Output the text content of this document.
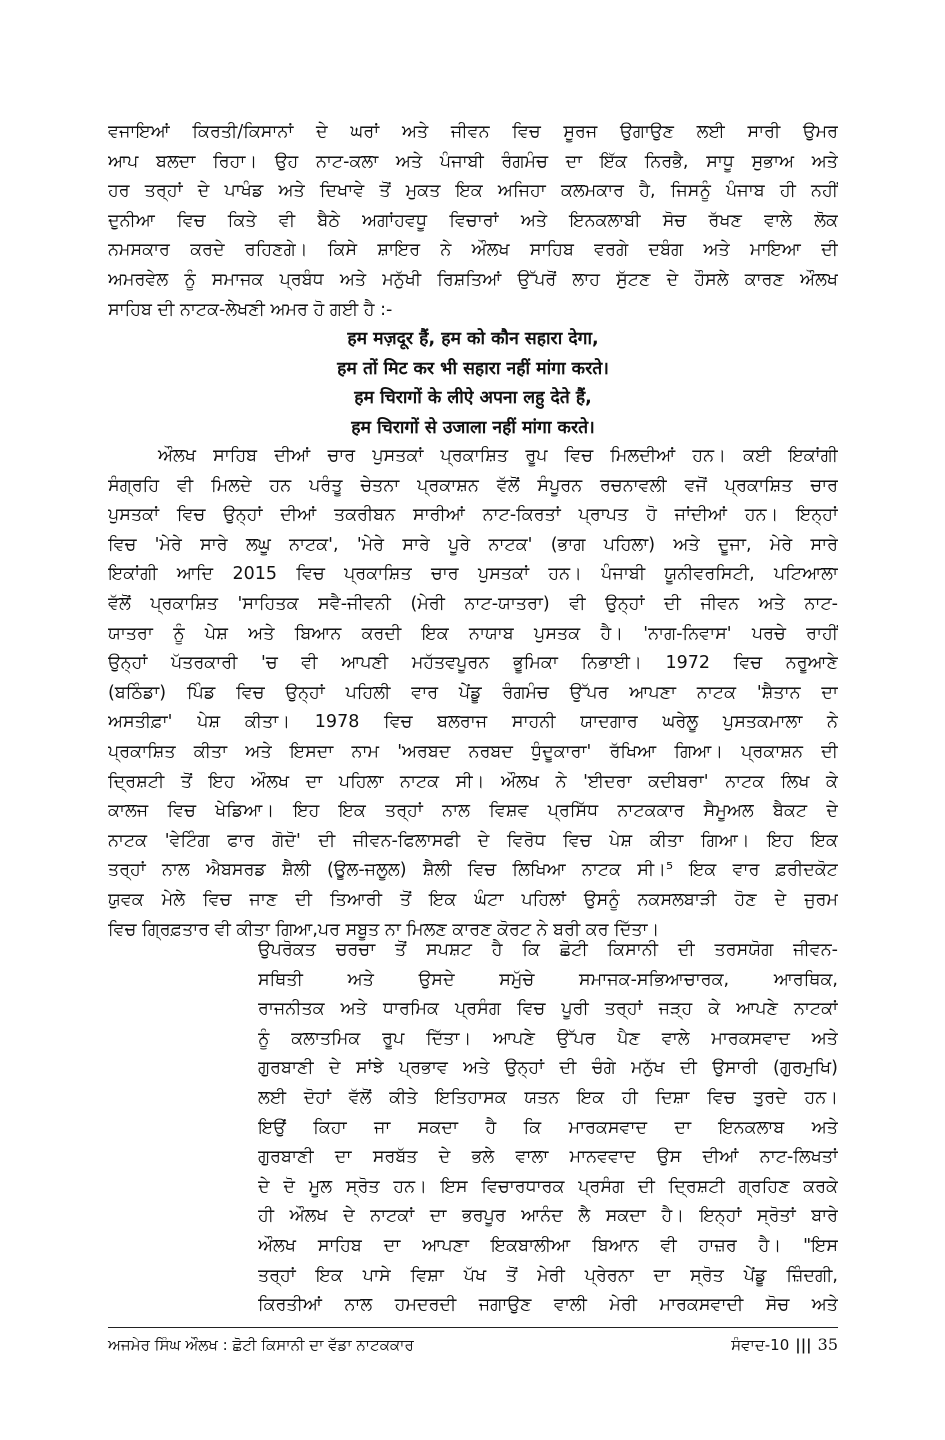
ਵਜਾਇਆਂ ਕਿਰਤੀ/ਕਿਸਾਨਾਂ ਦੇ ਘਰਾਂ ਅਤੇ ਜੀਵਨ ਵਿਚ ਸੂਰਜ ਉਗਾਉਣ ਲਈ ਸਾਰੀ ਉਮਰ
ਆਪ ਬਲਦਾ ਰਿਹਾ। ਉਹ ਨਾਟ-ਕਲਾ ਅਤੇ ਪੰਜਾਬੀ ਰੰਗਮੰਚ ਦਾ ਇੱਕ ਨਿਰਭੈ, ਸਾਧੂ ਸੁਭਾਅ ਅਤੇ
ਹਰ ਤਰ੍ਹਾਂ ਦੇ ਪਾਖੰਡ ਅਤੇ ਦਿਖਾਵੇ ਤੋਂ ਮੁਕਤ ਇਕ ਅਜਿਹਾ ਕਲਮਕਾਰ ਹੈ, ਜਿਸਨੂੰ ਪੰਜਾਬ ਹੀ ਨਹੀਂ
ਦੁਨੀਆ ਵਿਚ ਕਿਤੇ ਵੀ ਬੈਠੇ ਅਗਾਂਹਵਧੂ ਵਿਚਾਰਾਂ ਅਤੇ ਇਨਕਲਾਬੀ ਸੋਚ ਰੱਖਣ ਵਾਲੇ ਲੋਕ
ਨਮਸਕਾਰ ਕਰਦੇ ਰਹਿਣਗੇ। ਕਿਸੇ ਸ਼ਾਇਰ ਨੇ ਔਲਖ ਸਾਹਿਬ ਵਰਗੇ ਦਬੰਗ ਅਤੇ ਮਾਇਆ ਦੀ
ਅਮਰਵੇਲ ਨੂੰ ਸਮਾਜਕ ਪ੍ਰਬੰਧ ਅਤੇ ਮਨੁੱਖੀ ਰਿਸ਼ਤਿਆਂ ਉੱਪਰੋਂ ਲਾਹ ਸੁੱਟਣ ਦੇ ਹੌਸਲੇ ਕਾਰਣ ਔਲਖ
ਸਾਹਿਬ ਦੀ ਨਾਟਕ-ਲੇਖਣੀ ਅਮਰ ਹੋ ਗਈ ਹੈ :-
हम मज़दूर हैं, हम को कौन सहारा देगा,
हम तों मिट कर भी सहारा नहीं मांगा करते।
हम चिरागों के लीऐ अपना लहु देते हैं,
हम चिरागों से उजाला नहीं मांगा करते।
ਔਲਖ ਸਾਹਿਬ ਦੀਆਂ ਚਾਰ ਪੁਸਤਕਾਂ ਪ੍ਰਕਾਸ਼ਿਤ ਰੂਪ ਵਿਚ ਮਿਲਦੀਆਂ ਹਨ। ਕਈ ਇਕਾਂਗੀ
ਸੰਗ੍ਰਹਿ ਵੀ ਮਿਲਦੇ ਹਨ ਪਰੰਤੂ ਚੇਤਨਾ ਪ੍ਰਕਾਸ਼ਨ ਵੱਲੋਂ ਸੰਪੂਰਨ ਰਚਨਾਵਲੀ ਵਜੋਂ ਪ੍ਰਕਾਸ਼ਿਤ ਚਾਰ
ਪੁਸਤਕਾਂ ਵਿਚ ਉਨ੍ਹਾਂ ਦੀਆਂ ਤਕਰੀਬਨ ਸਾਰੀਆਂ ਨਾਟ-ਕਿਰਤਾਂ ਪ੍ਰਾਪਤ ਹੋ ਜਾਂਦੀਆਂ ਹਨ। ਇਨ੍ਹਾਂ
ਵਿਚ 'ਮੇਰੇ ਸਾਰੇ ਲਘੂ ਨਾਟਕ', 'ਮੇਰੇ ਸਾਰੇ ਪੂਰੇ ਨਾਟਕ' (ਭਾਗ ਪਹਿਲਾ) ਅਤੇ ਦੂਜਾ, ਮੇਰੇ ਸਾਰੇ
ਇਕਾਂਗੀ ਆਦਿ 2015 ਵਿਚ ਪ੍ਰਕਾਸ਼ਿਤ ਚਾਰ ਪੁਸਤਕਾਂ ਹਨ। ਪੰਜਾਬੀ ਯੂਨੀਵਰਸਿਟੀ, ਪਟਿਆਲਾ
ਵੱਲੋਂ ਪ੍ਰਕਾਸ਼ਿਤ 'ਸਾਹਿਤਕ ਸਵੈ-ਜੀਵਨੀ (ਮੇਰੀ ਨਾਟ-ਯਾਤਰਾ) ਵੀ ਉਨ੍ਹਾਂ ਦੀ ਜੀਵਨ ਅਤੇ ਨਾਟ-
ਯਾਤਰਾ ਨੂੰ ਪੇਸ਼ ਅਤੇ ਬਿਆਨ ਕਰਦੀ ਇਕ ਨਾਯਾਬ ਪੁਸਤਕ ਹੈ। 'ਨਾਗ-ਨਿਵਾਸ' ਪਰਚੇ ਰਾਹੀਂ
ਉਨ੍ਹਾਂ ਪੱਤਰਕਾਰੀ 'ਚ ਵੀ ਆਪਣੀ ਮਹੱਤਵਪੂਰਨ ਭੂਮਿਕਾ ਨਿਭਾਈ। 1972 ਵਿਚ ਨਰੂਆਣੇ
(ਬਠਿੰਡਾ) ਪਿੰਡ ਵਿਚ ਉਨ੍ਹਾਂ ਪਹਿਲੀ ਵਾਰ ਪੇਂਡੂ ਰੰਗਮੰਚ ਉੱਪਰ ਆਪਣਾ ਨਾਟਕ 'ਸ਼ੈਤਾਨ ਦਾ
ਅਸਤੀਫ਼ਾ' ਪੇਸ਼ ਕੀਤਾ। 1978 ਵਿਚ ਬਲਰਾਜ ਸਾਹਨੀ ਯਾਦਗਾਰ ਘਰੇਲੂ ਪੁਸਤਕਮਾਲਾ ਨੇ
ਪ੍ਰਕਾਸ਼ਿਤ ਕੀਤਾ ਅਤੇ ਇਸਦਾ ਨਾਮ 'ਅਰਬਦ ਨਰਬਦ ਧੁੰਦੂਕਾਰਾ' ਰੱਖਿਆ ਗਿਆ। ਪ੍ਰਕਾਸ਼ਨ ਦੀ
ਦ੍ਰਿਸ਼ਟੀ ਤੋਂ ਇਹ ਔਲਖ ਦਾ ਪਹਿਲਾ ਨਾਟਕ ਸੀ। ਔਲਖ ਨੇ 'ਈਦਰਾ ਕਦੀਬਰਾ' ਨਾਟਕ ਲਿਖ ਕੇ
ਕਾਲਜ ਵਿਚ ਖੇਡਿਆ। ਇਹ ਇਕ ਤਰ੍ਹਾਂ ਨਾਲ ਵਿਸ਼ਵ ਪ੍ਰਸਿੱਧ ਨਾਟਕਕਾਰ ਸੈਮੂਅਲ ਬੈਕਟ ਦੇ
ਨਾਟਕ 'ਵੇਟਿੰਗ ਫਾਰ ਗੋਦੋ' ਦੀ ਜੀਵਨ-ਫਿਲਾਸਫੀ ਦੇ ਵਿਰੋਧ ਵਿਚ ਪੇਸ਼ ਕੀਤਾ ਗਿਆ। ਇਹ ਇਕ
ਤਰ੍ਹਾਂ ਨਾਲ ਐਬਸਰਡ ਸ਼ੈਲੀ (ਊਲ-ਜਲੂਲ) ਸ਼ੈਲੀ ਵਿਚ ਲਿਖਿਆ ਨਾਟਕ ਸੀ।⁵ ਇਕ ਵਾਰ ਫ਼ਰੀਦਕੋਟ
ਯੁਵਕ ਮੇਲੇ ਵਿਚ ਜਾਣ ਦੀ ਤਿਆਰੀ ਤੋਂ ਇਕ ਘੰਟਾ ਪਹਿਲਾਂ ਉਸਨੂੰ ਨਕਸਲਬਾੜੀ ਹੋਣ ਦੇ ਜੁਰਮ
ਵਿਚ ਗ੍ਰਿਫ਼ਤਾਰ ਵੀ ਕੀਤਾ ਗਿਆ,ਪਰ ਸਬੂਤ ਨਾ ਮਿਲਣ ਕਾਰਣ ਕੋਰਟ ਨੇ ਬਰੀ ਕਰ ਦਿੱਤਾ।
ਉਪਰੋਕਤ ਚਰਚਾ ਤੋਂ ਸਪਸ਼ਟ ਹੈ ਕਿ ਛੋਟੀ ਕਿਸਾਨੀ ਦੀ ਤਰਸਯੋਗ ਜੀਵਨ-
ਸਥਿਤੀ ਅਤੇ ਉਸਦੇ ਸਮੁੱਚੇ ਸਮਾਜਕ-ਸਭਿਆਚਾਰਕ, ਆਰਥਿਕ,
ਰਾਜਨੀਤਕ ਅਤੇ ਧਾਰਮਿਕ ਪ੍ਰਸੰਗ ਵਿਚ ਪੂਰੀ ਤਰ੍ਹਾਂ ਜੜ੍ਹ ਕੇ ਆਪਣੇ ਨਾਟਕਾਂ
ਨੂੰ ਕਲਾਤਮਿਕ ਰੂਪ ਦਿੱਤਾ। ਆਪਣੇ ਉੱਪਰ ਪੈਣ ਵਾਲੇ ਮਾਰਕਸਵਾਦ ਅਤੇ
ਗੁਰਬਾਣੀ ਦੇ ਸਾਂਝੇ ਪ੍ਰਭਾਵ ਅਤੇ ਉਨ੍ਹਾਂ ਦੀ ਚੰਗੇ ਮਨੁੱਖ ਦੀ ਉਸਾਰੀ (ਗੁਰਮੁਖਿ)
ਲਈ ਦੋਹਾਂ ਵੱਲੋਂ ਕੀਤੇ ਇਤਿਹਾਸਕ ਯਤਨ ਇਕ ਹੀ ਦਿਸ਼ਾ ਵਿਚ ਤੁਰਦੇ ਹਨ।
ਇਉਂ ਕਿਹਾ ਜਾ ਸਕਦਾ ਹੈ ਕਿ ਮਾਰਕਸਵਾਦ ਦਾ ਇਨਕਲਾਬ ਅਤੇ
ਗੁਰਬਾਣੀ ਦਾ ਸਰਬੱਤ ਦੇ ਭਲੇ ਵਾਲਾ ਮਾਨਵਵਾਦ ਉਸ ਦੀਆਂ ਨਾਟ-ਲਿਖਤਾਂ
ਦੇ ਦੋ ਮੂਲ ਸ੍ਰੋਤ ਹਨ। ਇਸ ਵਿਚਾਰਧਾਰਕ ਪ੍ਰਸੰਗ ਦੀ ਦ੍ਰਿਸ਼ਟੀ ਗ੍ਰਹਿਣ ਕਰਕੇ
ਹੀ ਔਲਖ ਦੇ ਨਾਟਕਾਂ ਦਾ ਭਰਪੂਰ ਆਨੰਦ ਲੈ ਸਕਦਾ ਹੈ। ਇਨ੍ਹਾਂ ਸ੍ਰੋਤਾਂ ਬਾਰੇ
ਔਲਖ ਸਾਹਿਬ ਦਾ ਆਪਣਾ ਇਕਬਾਲੀਆ ਬਿਆਨ ਵੀ ਹਾਜ਼ਰ ਹੈ। "ਇਸ
ਤਰ੍ਹਾਂ ਇਕ ਪਾਸੇ ਵਿਸ਼ਾ ਪੱਖ ਤੋਂ ਮੇਰੀ ਪ੍ਰੇਰਨਾ ਦਾ ਸ੍ਰੋਤ ਪੇਂਡੂ ਜ਼ਿੰਦਗੀ,
ਕਿਰਤੀਆਂ ਨਾਲ ਹਮਦਰਦੀ ਜਗਾਉਣ ਵਾਲੀ ਮੇਰੀ ਮਾਰਕਸਵਾਦੀ ਸੋਚ ਅਤੇ
ਅਜਮੇਰ ਸਿੰਘ ਔਲਖ : ਛੋਟੀ ਕਿਸਾਨੀ ਦਾ ਵੱਡਾ ਨਾਟਕਕਾਰ	ਸੰਵਾਦ-10 ||| 35
